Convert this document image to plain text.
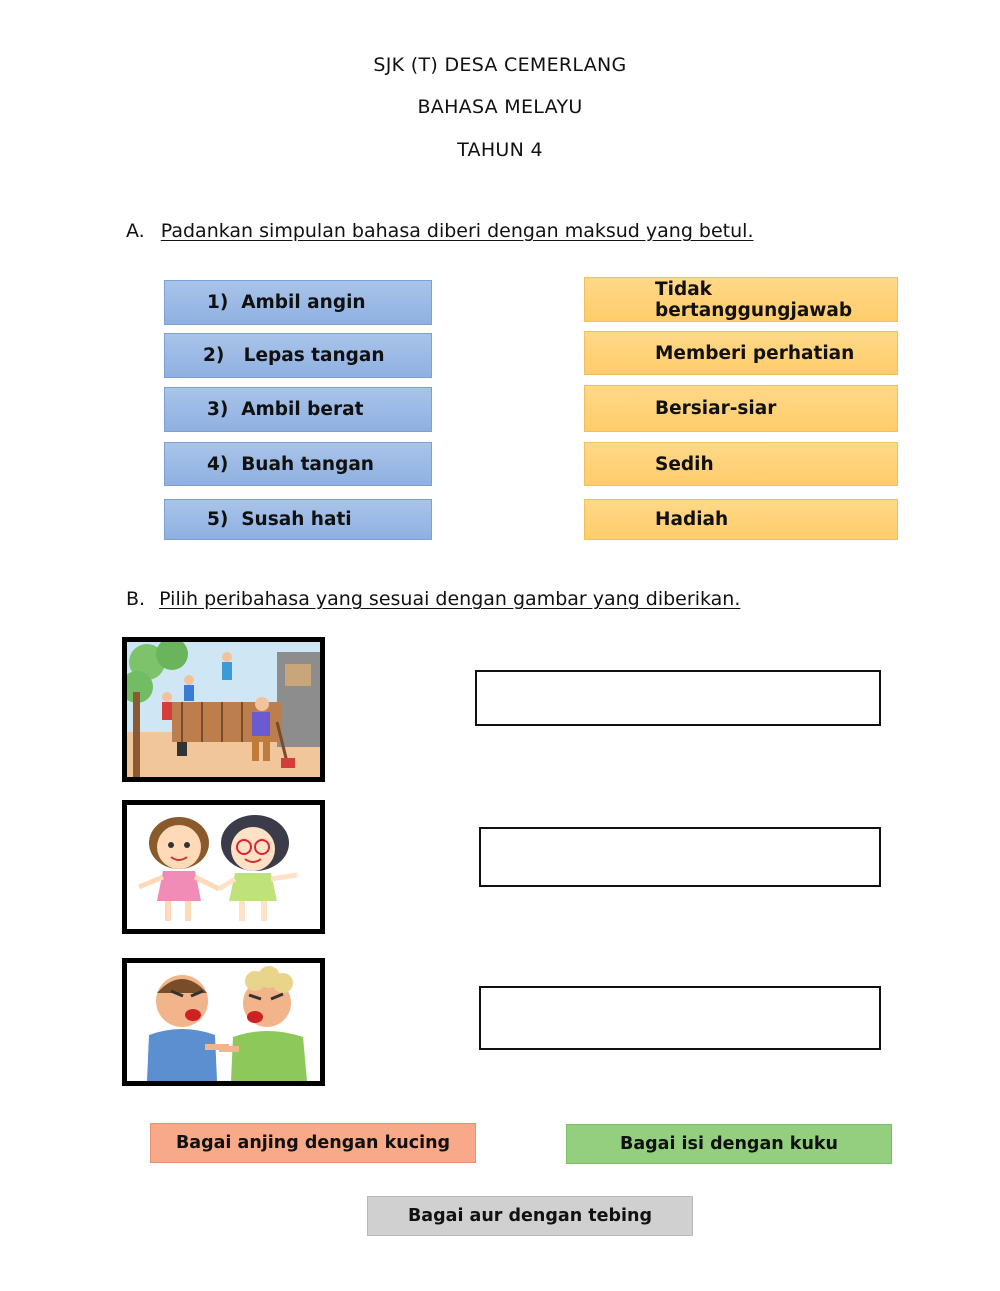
SJK (T) DESA CEMERLANG
BAHASA MELAYU
TAHUN 4
A. Padankan simpulan bahasa diberi dengan maksud yang betul.
1)  Ambil angin
2)   Lepas tangan
3)  Ambil berat
4)  Buah tangan
5)  Susah hati
Tidak bertanggungjawab
Memberi perhatian
Bersiar-siar
Sedih
Hadiah
B. Pilih peribahasa yang sesuai dengan gambar yang diberikan.
Bagai anjing dengan kucing	Bagai isi dengan kuku
Bagai aur dengan tebing
